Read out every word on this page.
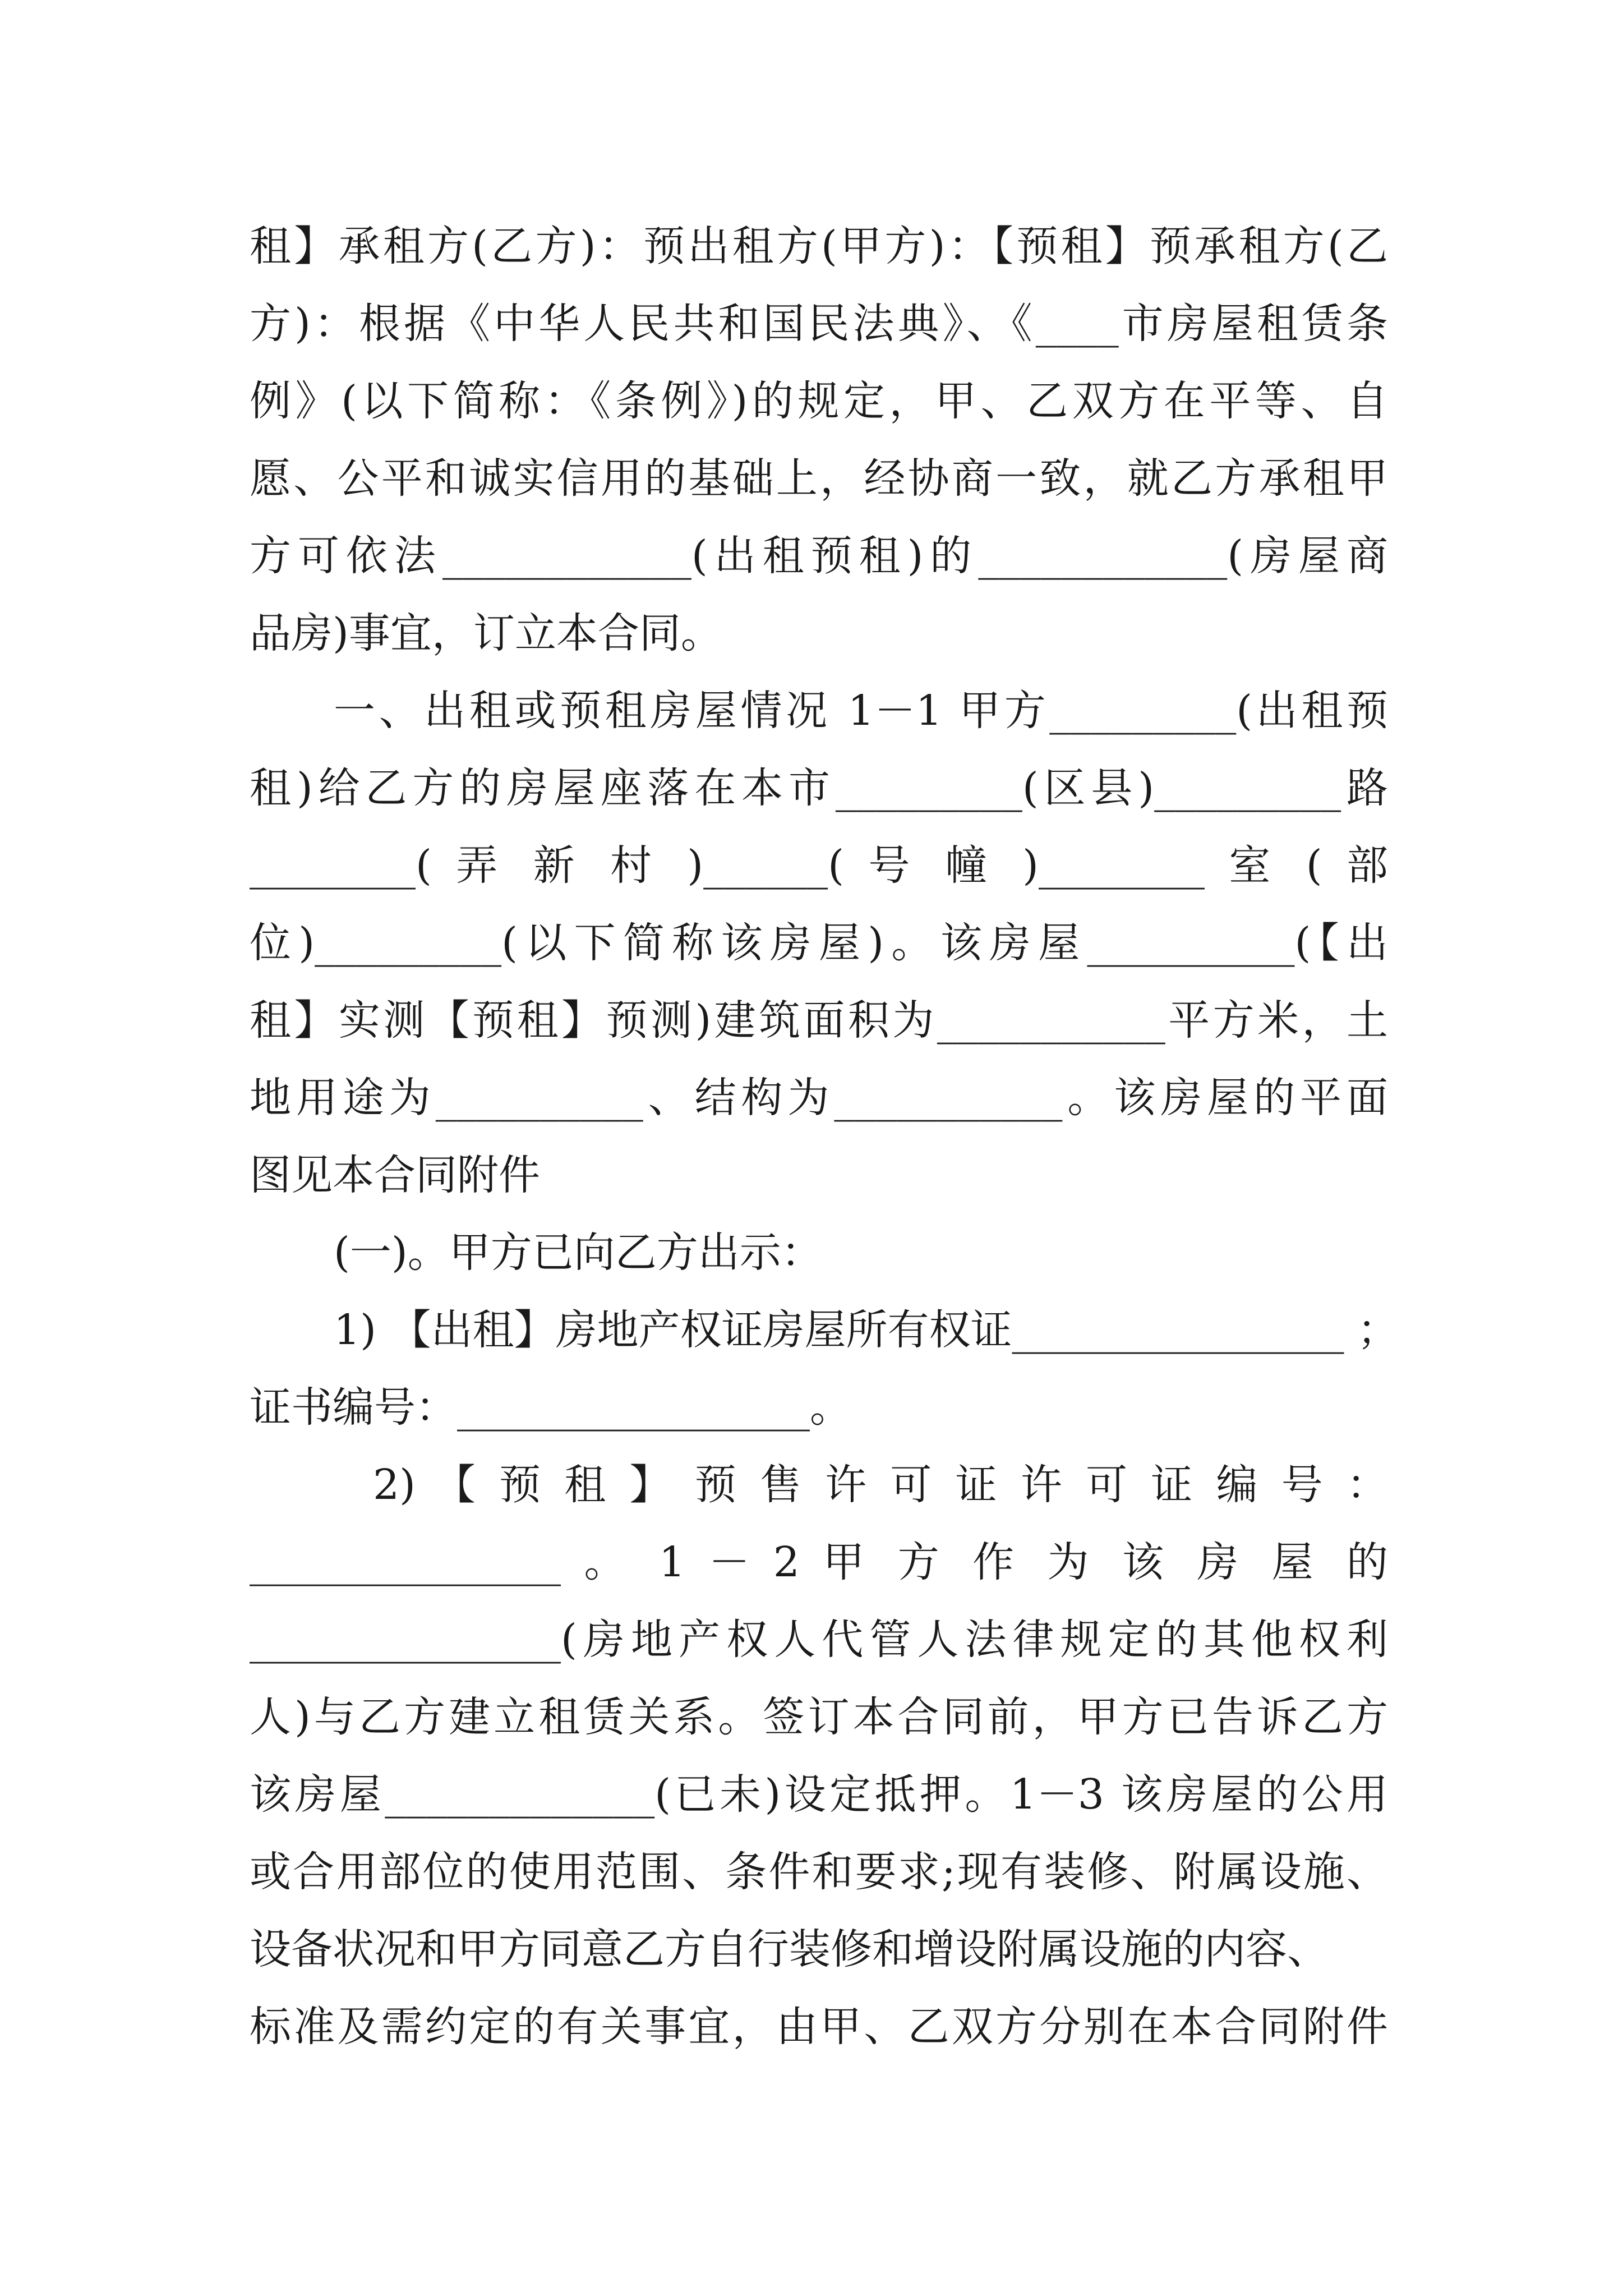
租】承租方(乙方)：预出租方(甲方)：【预租】预承租方(乙
方)：根据《中华人民共和国民法典》、《____市房屋租赁条
例》(以下简称：《条例》)的规定，甲、乙双方在平等、自
愿、公平和诚实信用的基础上，经协商一致，就乙方承租甲
方可依法____________(出租预租)的____________(房屋商
品房)事宜，订立本合同。
一、出租或预租房屋情况 1－1 甲方_________(出租预
租)给乙方的房屋座落在本市_________(区县)_________路
________( 弄 新 村 )______( 号 幢 )________ 室 ( 部
位)_________(以下简称该房屋)。该房屋__________(【出
租】实测【预租】预测)建筑面积为___________平方米，土
地用途为__________、结构为___________。该房屋的平面
图见本合同附件
(一)。甲方已向乙方出示：
1) 【出租】房地产权证房屋所有权证________________ ；
证书编号：_________________。
2) 【 预 租 】 预 售 许 可 证 许 可 证 编 号 ：
_______________ 。 1 － 2 甲 方 作 为 该 房 屋 的
_______________(房地产权人代管人法律规定的其他权利
人)与乙方建立租赁关系。签订本合同前，甲方已告诉乙方
该房屋_____________(已未)设定抵押。1－3 该房屋的公用
或合用部位的使用范围、条件和要求;现有装修、附属设施、
设备状况和甲方同意乙方自行装修和增设附属设施的内容、
标准及需约定的有关事宜，由甲、乙双方分别在本合同附件
